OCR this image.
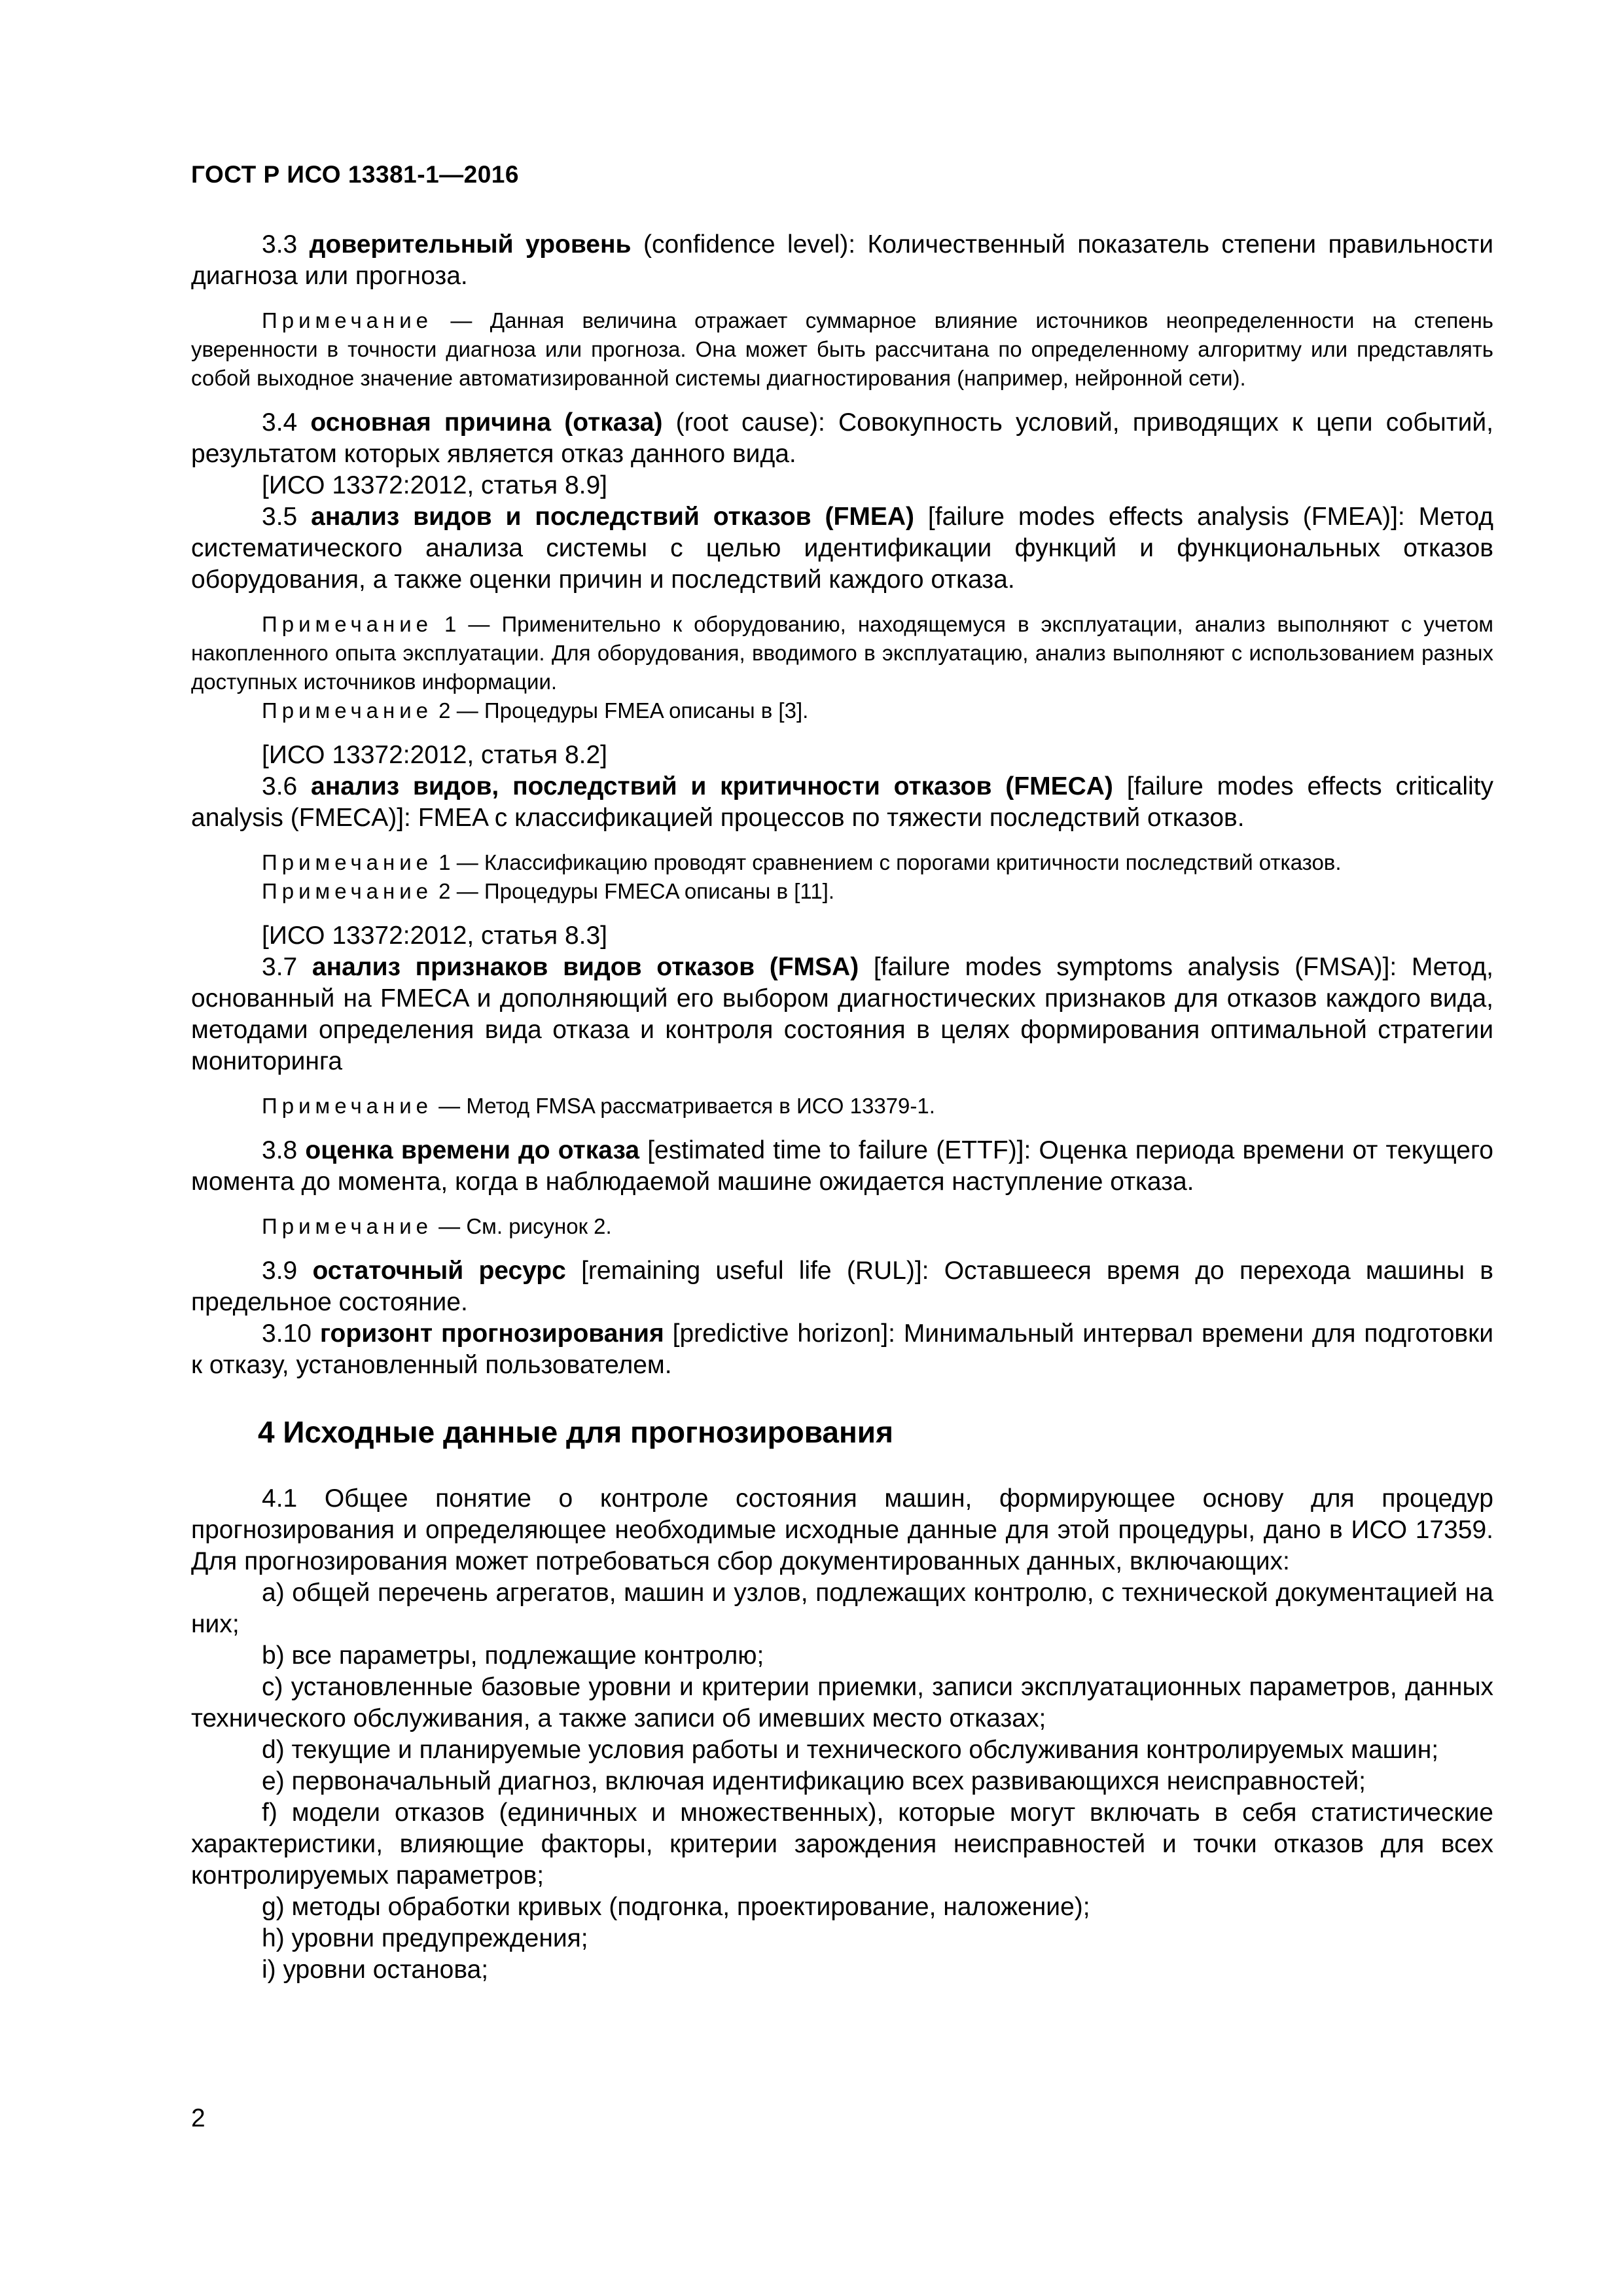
ГОСТ Р ИСО 13381-1—2016

3.3 доверительный уровень (confidence level): Количественный показатель степени правильности диагноза или прогноза.

Примечание — Данная величина отражает суммарное влияние источников неопределенности на степень уверенности в точности диагноза или прогноза. Она может быть рассчитана по определенному алгоритму или представлять собой выходное значение автоматизированной системы диагностирования (например, нейронной сети).

3.4 основная причина (отказа) (root cause): Совокупность условий, приводящих к цепи событий, результатом которых является отказ данного вида.

[ИСО 13372:2012, статья 8.9]

3.5 анализ видов и последствий отказов (FMEA) [failure modes effects analysis (FMEA)]: Метод систематического анализа системы с целью идентификации функций и функциональных отказов оборудования, а также оценки причин и последствий каждого отказа.

Примечание 1 — Применительно к оборудованию, находящемуся в эксплуатации, анализ выполняют с учетом накопленного опыта эксплуатации. Для оборудования, вводимого в эксплуатацию, анализ выполняют с использованием разных доступных источников информации.

Примечание 2 — Процедуры FMEA описаны в [3].

[ИСО 13372:2012, статья 8.2]

3.6 анализ видов, последствий и критичности отказов (FMECA) [failure modes effects criticality analysis (FMECA)]: FMEA с классификацией процессов по тяжести последствий отказов.

Примечание 1 — Классификацию проводят сравнением с порогами критичности последствий отказов.

Примечание 2 — Процедуры FMECA описаны в [11].

[ИСО 13372:2012, статья 8.3]

3.7 анализ признаков видов отказов (FMSA) [failure modes symptoms analysis (FMSA)]: Метод, основанный на FMECA и дополняющий его выбором диагностических признаков для отказов каждого вида, методами определения вида отказа и контроля состояния в целях формирования оптимальной стратегии мониторинга

Примечание — Метод FMSA рассматривается в ИСО 13379-1.

3.8 оценка времени до отказа [estimated time to failure (ETTF)]: Оценка периода времени от текущего момента до момента, когда в наблюдаемой машине ожидается наступление отказа.

Примечание — См. рисунок 2.

3.9 остаточный ресурс [remaining useful life (RUL)]: Оставшееся время до перехода машины в предельное состояние.

3.10 горизонт прогнозирования [predictive horizon]: Минимальный интервал времени для подготовки к отказу, установленный пользователем.

4 Исходные данные для прогнозирования

4.1 Общее понятие о контроле состояния машин, формирующее основу для процедур прогнозирования и определяющее необходимые исходные данные для этой процедуры, дано в ИСО 17359. Для прогнозирования может потребоваться сбор документированных данных, включающих:

a) общей перечень агрегатов, машин и узлов, подлежащих контролю, с технической документацией на них;

b) все параметры, подлежащие контролю;

c) установленные базовые уровни и критерии приемки, записи эксплуатационных параметров, данных технического обслуживания, а также записи об имевших место отказах;

d) текущие и планируемые условия работы и технического обслуживания контролируемых машин;

e) первоначальный диагноз, включая идентификацию всех развивающихся неисправностей;

f) модели отказов (единичных и множественных), которые могут включать в себя статистические характеристики, влияющие факторы, критерии зарождения неисправностей и точки отказов для всех контролируемых параметров;

g) методы обработки кривых (подгонка, проектирование, наложение);

h) уровни предупреждения;

i) уровни останова;

2
